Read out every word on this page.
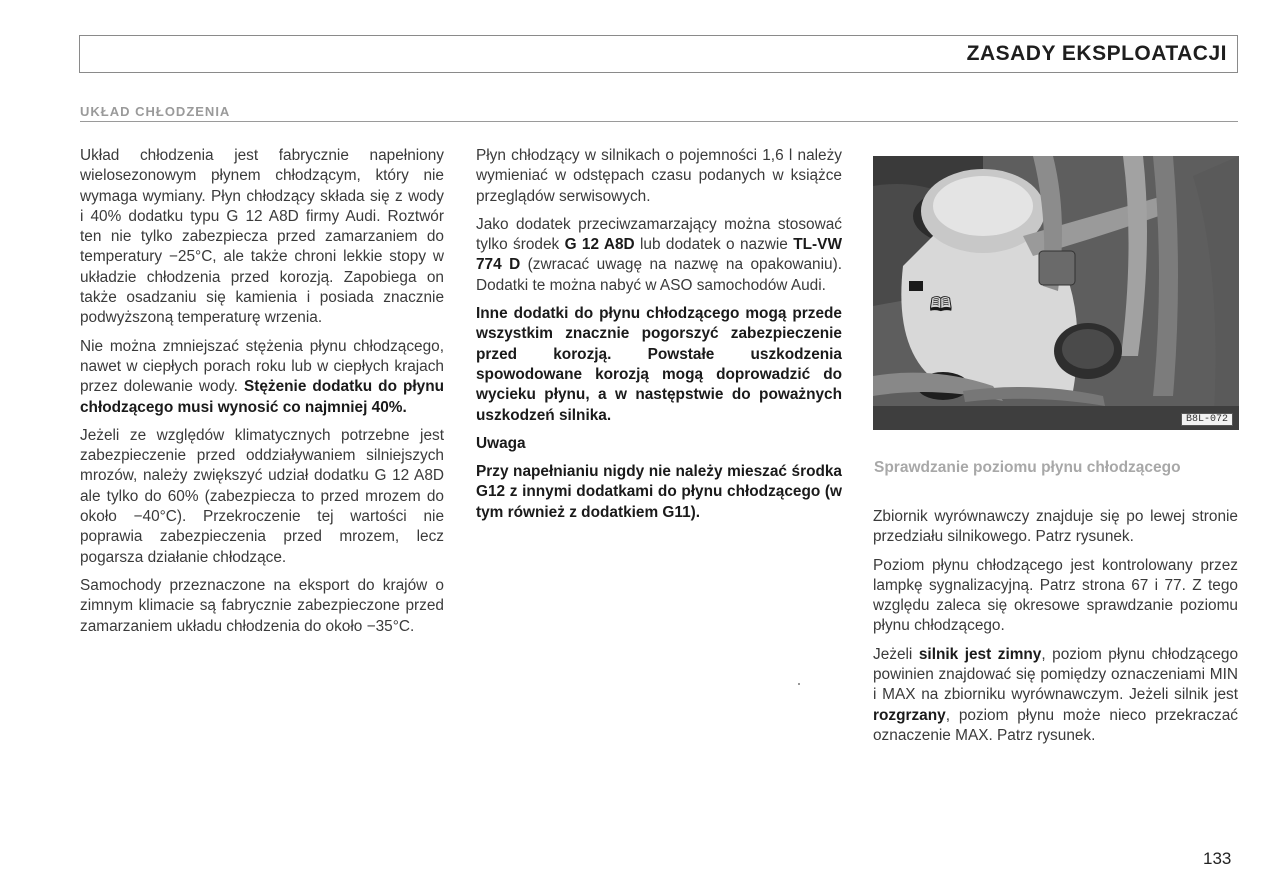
ZASADY EKSPLOATACJI
UKŁAD CHŁODZENIA

Układ chłodzenia jest fabrycznie napełniony wielosezonowym płynem chłodzącym, który nie wymaga wymiany. Płyn chłodzący składa się z wody i 40% dodatku typu G 12 A8D firmy Audi. Roztwór ten nie tylko zabezpiecza przed zamarzaniem do temperatury −25°C, ale także chroni lekkie stopy w układzie chłodzenia przed korozją. Zapobiega on także osadzaniu się kamienia i posiada znacznie podwyższoną temperaturę wrzenia.

Nie można zmniejszać stężenia płynu chłodzącego, nawet w ciepłych porach roku lub w ciepłych krajach przez dolewanie wody. Stężenie dodatku do płynu chłodzącego musi wynosić co najmniej 40%.

Jeżeli ze względów klimatycznych potrzebne jest zabezpieczenie przed oddziaływaniem silniejszych mrozów, należy zwiększyć udział dodatku G 12 A8D ale tylko do 60% (zabezpiecza to przed mrozem do około −40°C). Przekroczenie tej wartości nie poprawia zabezpieczenia przed mrozem, lecz pogarsza działanie chłodzące.

Samochody przeznaczone na eksport do krajów o zimnym klimacie są fabrycznie zabezpieczone przed zamarzaniem układu chłodzenia do około −35°C.

Płyn chłodzący w silnikach o pojemności 1,6 l należy wymieniać w odstępach czasu podanych w książce przeglądów serwisowych.

Jako dodatek przeciwzamarzający można stosować tylko środek G 12 A8D lub dodatek o nazwie TL-VW 774 D (zwracać uwagę na nazwę na opakowaniu). Dodatki te można nabyć w ASO samochodów Audi.

Inne dodatki do płynu chłodzącego mogą przede wszystkim znacznie pogorszyć zabezpieczenie przed korozją. Powstałe uszkodzenia spowodowane korozją mogą doprowadzić do wycieku płynu, a w następstwie do poważnych uszkodzeń silnika.

Uwaga

Przy napełnianiu nigdy nie należy mieszać środka G12 z innymi dodatkami do płynu chłodzącego (w tym również z dodatkiem G11).

🕮
B8L-072
Sprawdzanie poziomu płynu chłodzącego

Zbiornik wyrównawczy znajduje się po lewej stronie przedziału silnikowego. Patrz rysunek.

Poziom płynu chłodzącego jest kontrolowany przez lampkę sygnalizacyjną. Patrz strona 67 i 77. Z tego względu zaleca się okresowe sprawdzanie poziomu płynu chłodzącego.

Jeżeli silnik jest zimny, poziom płynu chłodzącego powinien znajdować się pomiędzy oznaczeniami MIN i MAX na zbiorniku wyrównawczym. Jeżeli silnik jest rozgrzany, poziom płynu może nieco przekraczać oznaczenie MAX. Patrz rysunek.

133
